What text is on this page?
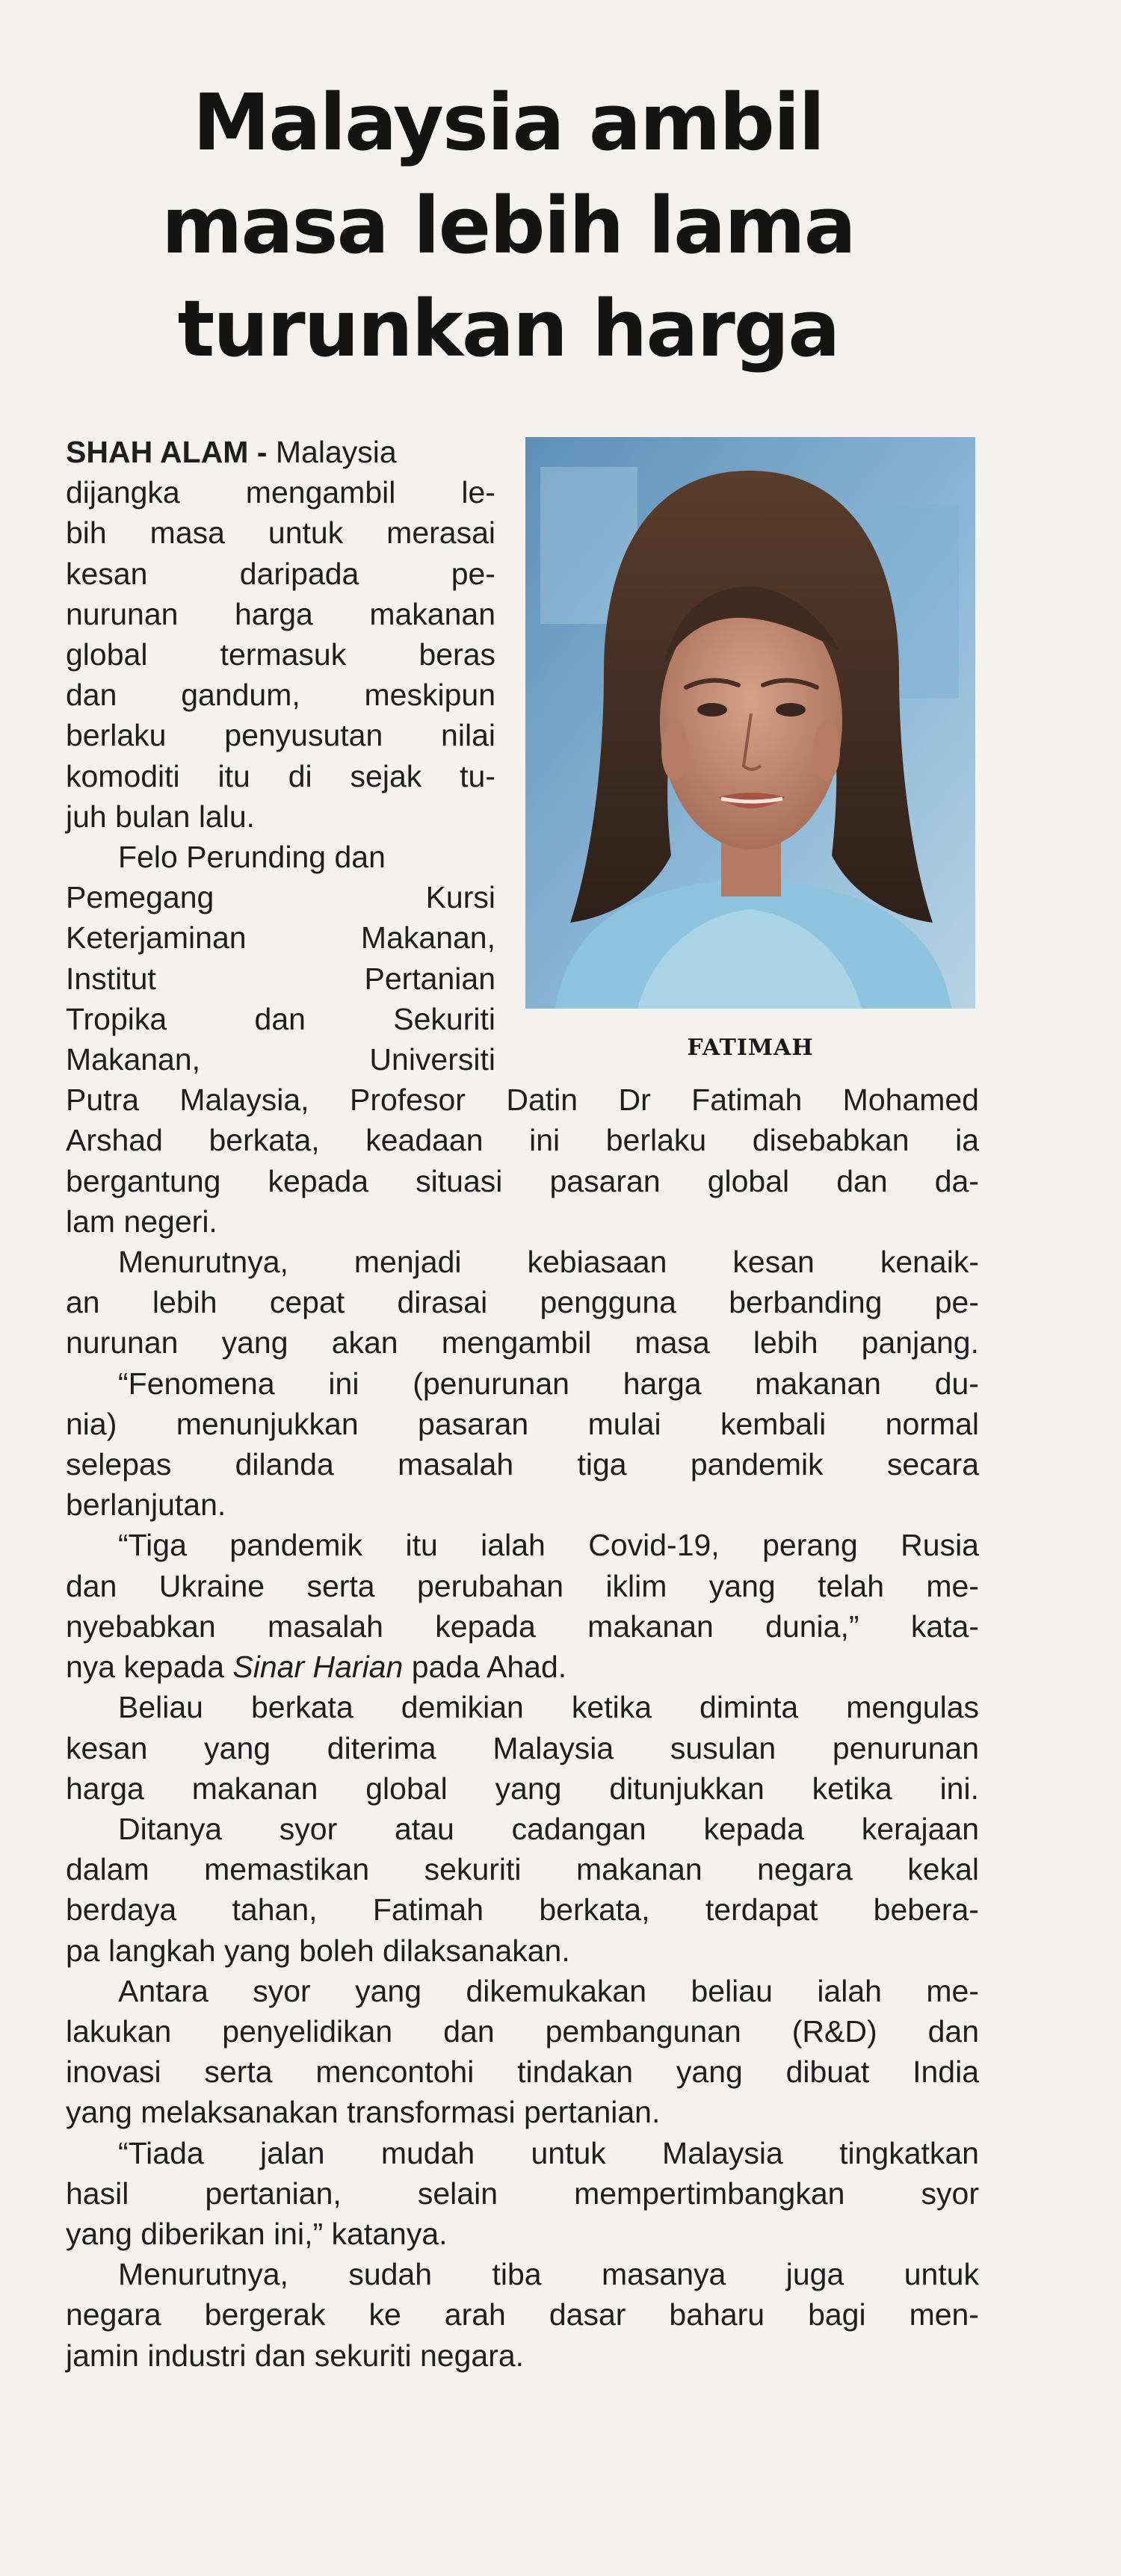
Malaysia ambil
masa lebih lama
turunkan harga

FATIMAH

SHAH ALAM - Malaysia
dijangka mengambil le-
bih masa untuk merasai
kesan daripada pe-
nurunan harga makanan
global termasuk beras
dan gandum, meskipun
berlaku penyusutan nilai
komoditi itu di sejak tu-
juh bulan lalu.

Felo Perunding dan
Pemegang Kursi
Keterjaminan Makanan,
Institut Pertanian
Tropika dan Sekuriti
Makanan, Universiti
Putra Malaysia, Profesor Datin Dr Fatimah Mohamed
Arshad berkata, keadaan ini berlaku disebabkan ia
bergantung kepada situasi pasaran global dan da-
lam negeri.

Menurutnya, menjadi kebiasaan kesan kenaik-
an lebih cepat dirasai pengguna berbanding pe-
nurunan yang akan mengambil masa lebih panjang.

“Fenomena ini (penurunan harga makanan du-
nia) menunjukkan pasaran mulai kembali normal
selepas dilanda masalah tiga pandemik secara
berlanjutan.

“Tiga pandemik itu ialah Covid-19, perang Rusia
dan Ukraine serta perubahan iklim yang telah me-
nyebabkan masalah kepada makanan dunia,” kata-
nya kepada Sinar Harian pada Ahad.

Beliau berkata demikian ketika diminta mengulas
kesan yang diterima Malaysia susulan penurunan
harga makanan global yang ditunjukkan ketika ini.

Ditanya syor atau cadangan kepada kerajaan
dalam memastikan sekuriti makanan negara kekal
berdaya tahan, Fatimah berkata, terdapat bebera-
pa langkah yang boleh dilaksanakan.

Antara syor yang dikemukakan beliau ialah me-
lakukan penyelidikan dan pembangunan (R&D) dan
inovasi serta mencontohi tindakan yang dibuat India
yang melaksanakan transformasi pertanian.

“Tiada jalan mudah untuk Malaysia tingkatkan
hasil pertanian, selain mempertimbangkan syor
yang diberikan ini,” katanya.

Menurutnya, sudah tiba masanya juga untuk
negara bergerak ke arah dasar baharu bagi men-
jamin industri dan sekuriti negara.
